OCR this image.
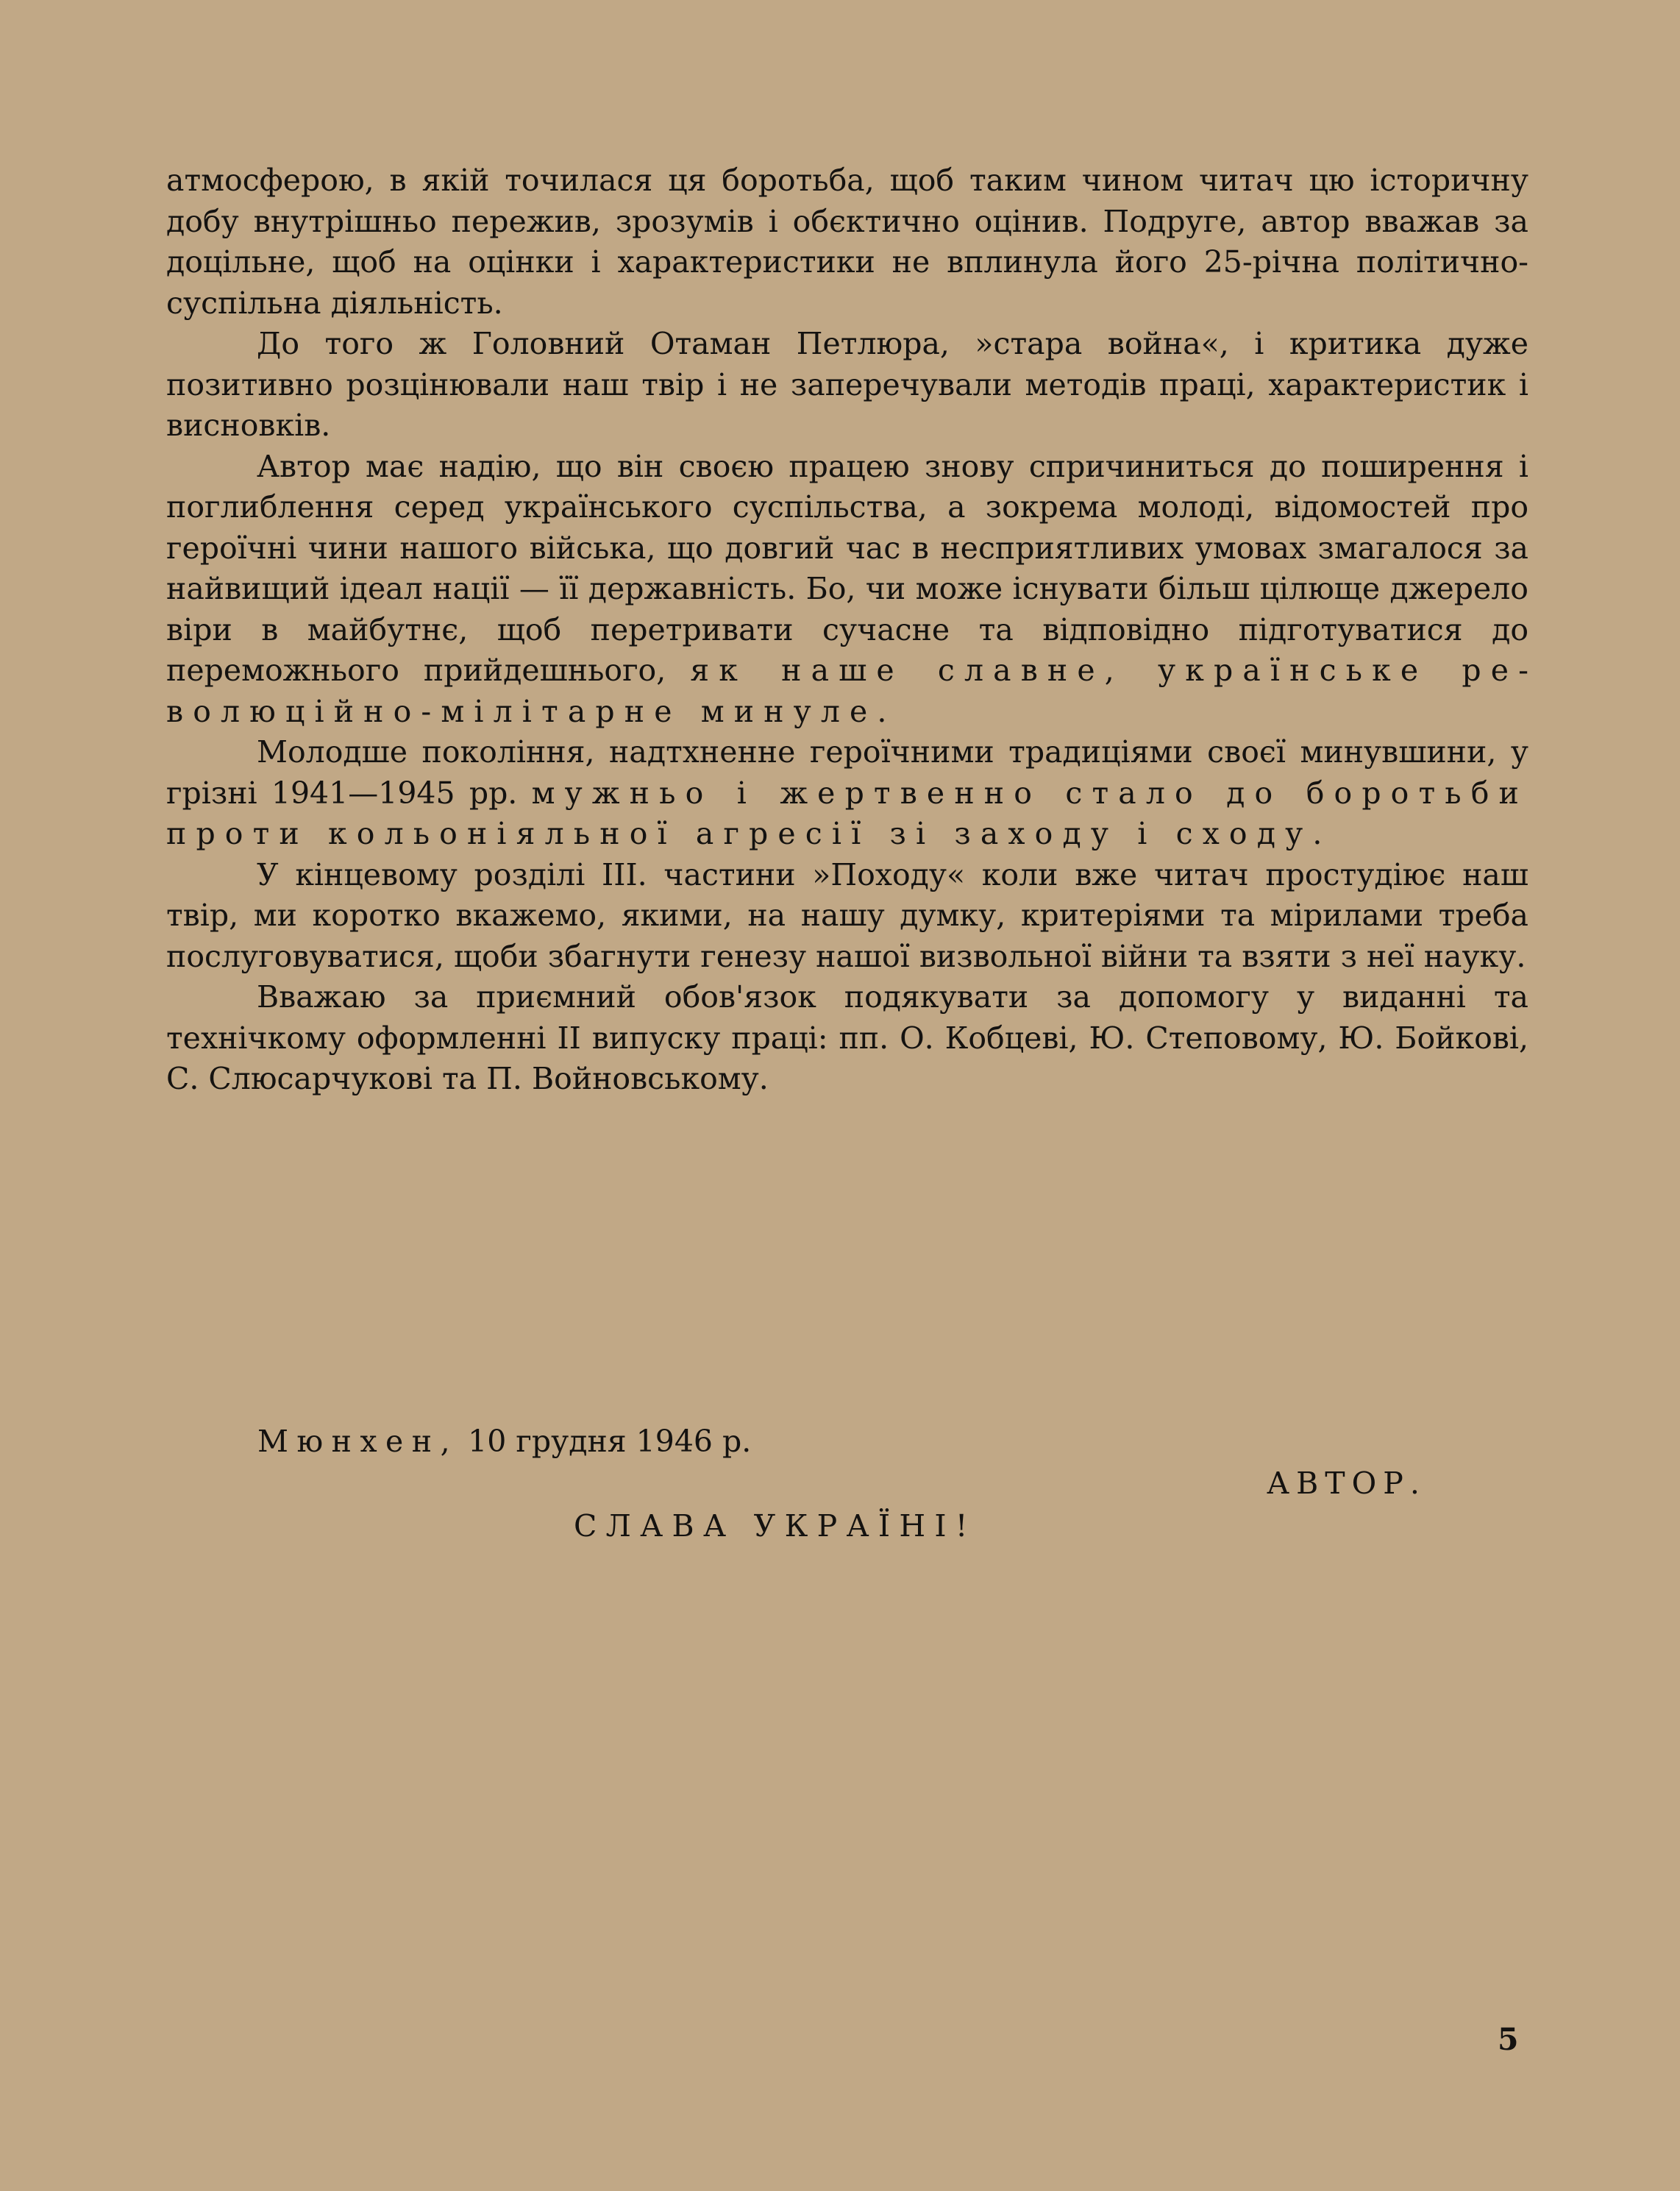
атмосферою, в якій точилася ця боротьба, щоб таким чином читач цю історичну добу внутрішньо пережив, зрозумів і обєктично оцінив. Подруге, автор вважав за доцільне, щоб на оцінки і характеристики не вплинула його 25-річна політично-суспільна діяльність.

До того ж Головний Отаман Петлюра, »стара война«, і критика дуже позитивно розцінювали наш твір і не заперечували методів праці, характеристик і висновків.

Автор має надію, що він своєю працею знову спричиниться до поширення і поглиблення серед українського суспільства, а зокрема молоді, відомостей про героїчні чини нашого війська, що довгий час в несприятливих умовах змагалося за найвищий ідеал нації — її державність. Бо, чи може існувати більш цілюще джерело віри в майбутнє, щоб перетривати сучасне та відповідно підготуватися до переможнього прийдешнього, як наше славне, українське революційно-мілітарне минуле.

Молодше покоління, надтхненне героїчними традиціями своєї минувшини, у грізні 1941—1945 рр. мужньо і жертвенно стало до боротьби проти кольоніяльної агресії зі заходу і сходу.

У кінцевому розділі III. частини »Походу« коли вже читач простудіює наш твір, ми коротко вкажемо, якими, на нашу думку, критеріями та мірилами треба послуговуватися, щоби збагнути генезу нашої визвольної війни та взяти з неї науку.

Вважаю за приємний обов'язок подякувати за допомогу у виданні та технічкому оформленні II випуску праці: пп. О. Кобцеві, Ю. Степовому, Ю. Бойкові, С. Слюсарчукові та П. Войновському.

Мюнхен, 10 грудня 1946 р.
АВТОР.
СЛАВА УКРАЇНІ!
5
